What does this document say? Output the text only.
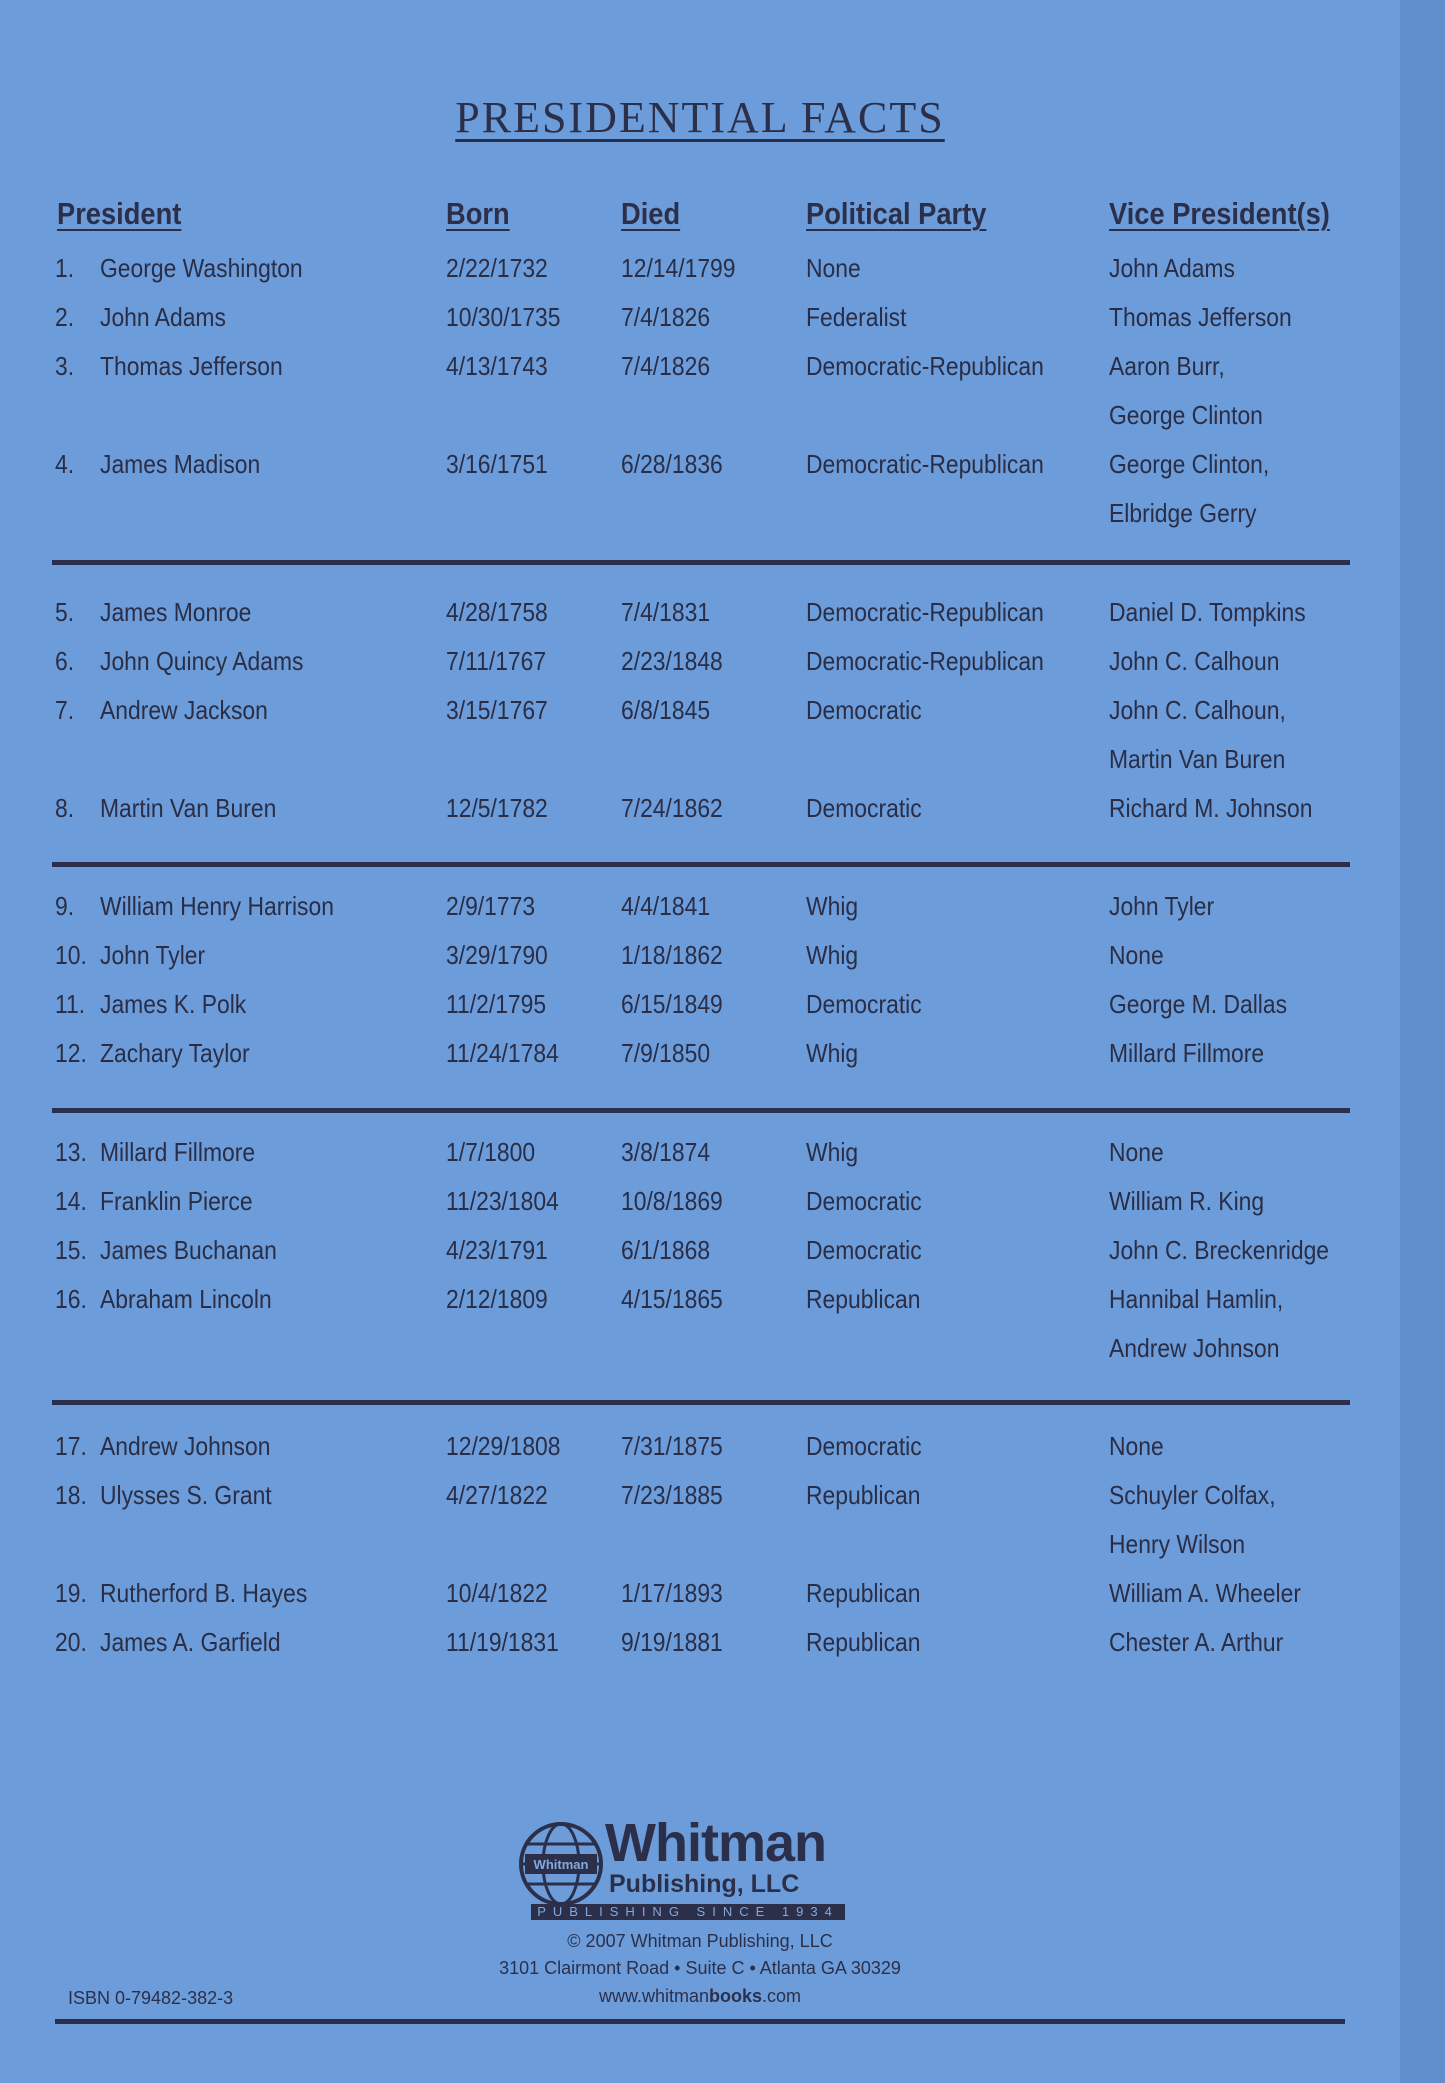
PRESIDENTIAL FACTS
President	Born	Died	Political Party	Vice President(s)
1. George Washington	2/22/1732	12/14/1799	None	John Adams
2. John Adams	10/30/1735 7/4/1826	Federalist	Thomas Jefferson
3. Thomas Jefferson	4/13/1743	7/4/1826	Democratic-Republican	Aaron Burr,
George Clinton
4. James Madison	3/16/1751	6/28/1836	Democratic-Republican	George Clinton,
Elbridge Gerry
5. James Monroe	4/28/1758	7/4/1831	Democratic-Republican	Daniel D. Tompkins
6. John Quincy Adams	7/11/1767	2/23/1848	Democratic-Republican	John C. Calhoun
7. Andrew Jackson	3/15/1767	6/8/1845	Democratic	John C. Calhoun,
Martin Van Buren
8. Martin Van Buren	12/5/1782	7/24/1862	Democratic	Richard M. Johnson
9. William Henry Harrison	2/9/1773	4/4/1841	Whig	John Tyler
10. John Tyler	3/29/1790	1/18/1862	Whig	None
11. James K. Polk	11/2/1795	6/15/1849	Democratic	George M. Dallas
12. Zachary Taylor	11/24/1784 7/9/1850	Whig	Millard Fillmore
13. Millard Fillmore	1/7/1800	3/8/1874	Whig	None
14. Franklin Pierce	11/23/1804 10/8/1869	Democratic	William R. King
15. James Buchanan	4/23/1791	6/1/1868	Democratic	John C. Breckenridge
16. Abraham Lincoln	2/12/1809	4/15/1865	Republican	Hannibal Hamlin,
Andrew Johnson
17. Andrew Johnson	12/29/1808 7/31/1875	Democratic	None
18. Ulysses S. Grant	4/27/1822	7/23/1885	Republican	Schuyler Colfax,
Henry Wilson
19. Rutherford B. Hayes	10/4/1822	1/17/1893	Republican	William A. Wheeler
20. James A. Garfield	11/19/1831 9/19/1881	Republican	Chester A. Arthur
Whitman Whitman
Publishing, LLC
PUBLISHING SINCE 1934
© 2007 Whitman Publishing, LLC
3101 Clairmont Road • Suite C • Atlanta GA 30329
www.whitmanbooks.com
ISBN 0-79482-382-3
